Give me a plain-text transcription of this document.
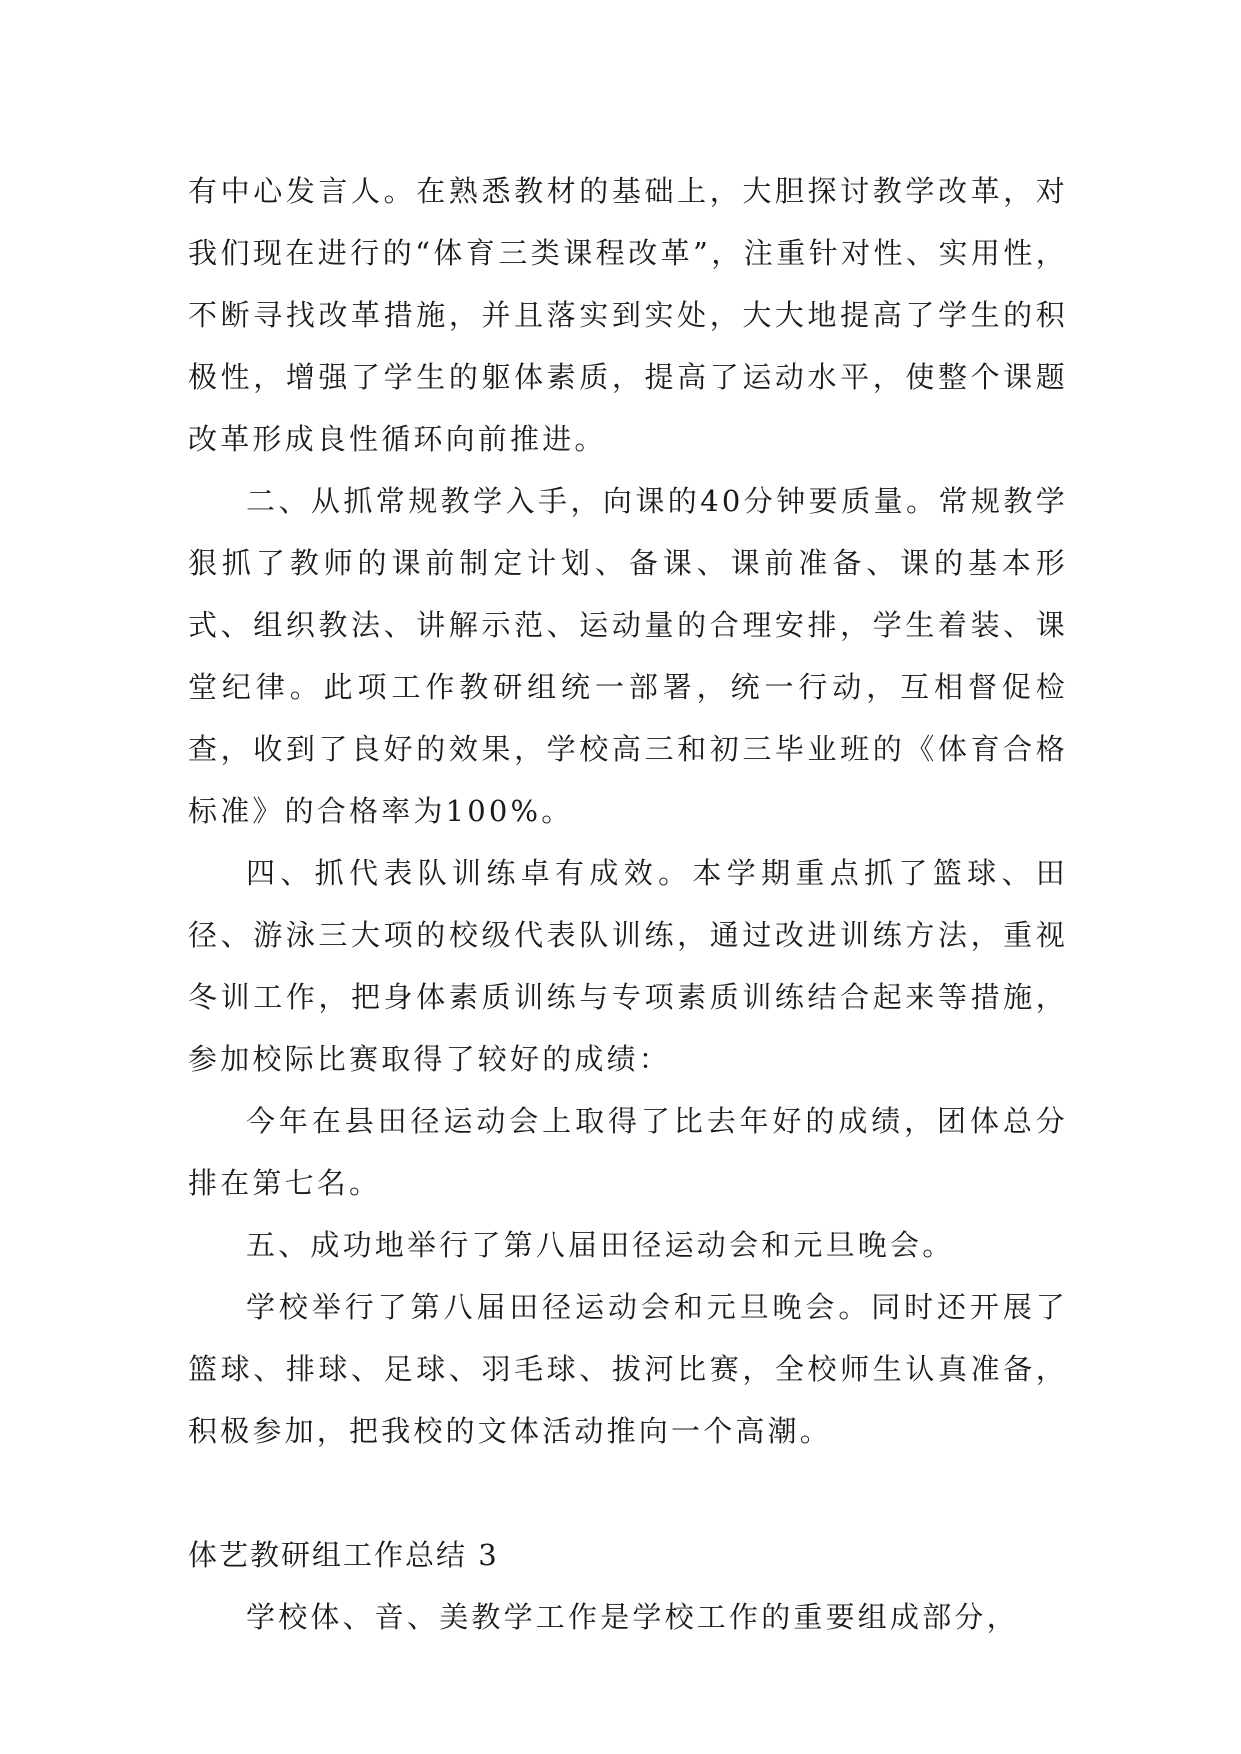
有中心发言人。在熟悉教材的基础上，大胆探讨教学改革，对我们现在进行的“体育三类课程改革”，注重针对性、实用性，不断寻找改革措施，并且落实到实处，大大地提高了学生的积极性，增强了学生的躯体素质，提高了运动水平，使整个课题改革形成良性循环向前推进。

二、从抓常规教学入手，向课的40分钟要质量。常规教学狠抓了教师的课前制定计划、备课、课前准备、课的基本形式、组织教法、讲解示范、运动量的合理安排，学生着装、课堂纪律。此项工作教研组统一部署，统一行动，互相督促检查，收到了良好的效果，学校高三和初三毕业班的《体育合格标准》的合格率为100%。

四、抓代表队训练卓有成效。本学期重点抓了篮球、田径、游泳三大项的校级代表队训练，通过改进训练方法，重视冬训工作，把身体素质训练与专项素质训练结合起来等措施，参加校际比赛取得了较好的成绩：

今年在县田径运动会上取得了比去年好的成绩，团体总分排在第七名。

五、成功地举行了第八届田径运动会和元旦晚会。

学校举行了第八届田径运动会和元旦晚会。同时还开展了篮球、排球、足球、羽毛球、拔河比赛，全校师生认真准备，积极参加，把我校的文体活动推向一个高潮。

体艺教研组工作总结 3

学校体、音、美教学工作是学校工作的重要组成部分，
